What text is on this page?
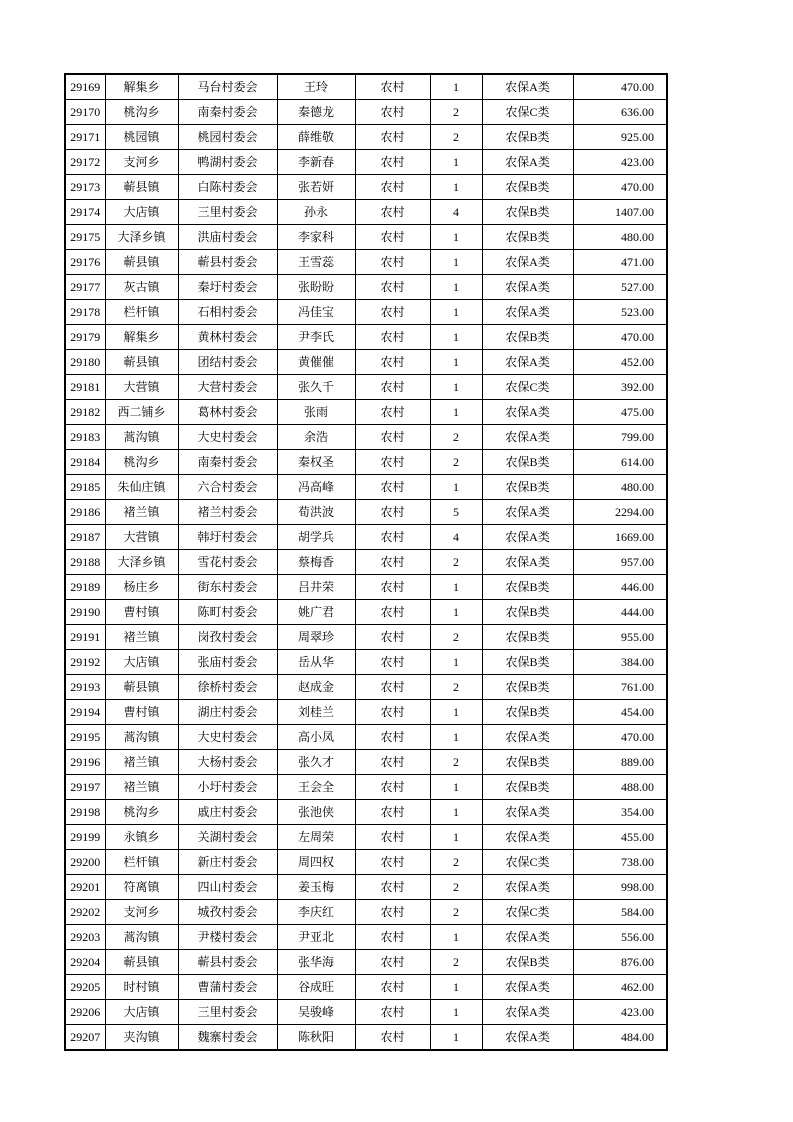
29169	解集乡	马台村委会	王玲	农村	1	农保A类	470.00
29170	桃沟乡	南秦村委会	秦德龙	农村	2	农保C类	636.00
29171	桃园镇	桃园村委会	薛维敬	农村	2	农保B类	925.00
29172	支河乡	鸭湖村委会	李新春	农村	1	农保A类	423.00
29173	蕲县镇	白陈村委会	张若妍	农村	1	农保B类	470.00
29174	大店镇	三里村委会	孙永	农村	4	农保B类	1407.00
29175	大泽乡镇	洪庙村委会	李家科	农村	1	农保B类	480.00
29176	蕲县镇	蕲县村委会	王雪蕊	农村	1	农保A类	471.00
29177	灰古镇	秦圩村委会	张盼盼	农村	1	农保A类	527.00
29178	栏杆镇	石相村委会	冯佳宝	农村	1	农保A类	523.00
29179	解集乡	黄林村委会	尹李氏	农村	1	农保B类	470.00
29180	蕲县镇	团结村委会	黄催催	农村	1	农保A类	452.00
29181	大营镇	大营村委会	张久千	农村	1	农保C类	392.00
29182	西二铺乡	葛林村委会	张雨	农村	1	农保A类	475.00
29183	蒿沟镇	大史村委会	余浩	农村	2	农保A类	799.00
29184	桃沟乡	南秦村委会	秦权圣	农村	2	农保B类	614.00
29185	朱仙庄镇	六合村委会	冯高峰	农村	1	农保B类	480.00
29186	褚兰镇	褚兰村委会	荀洪波	农村	5	农保A类	2294.00
29187	大营镇	韩圩村委会	胡学兵	农村	4	农保A类	1669.00
29188	大泽乡镇	雪花村委会	蔡梅香	农村	2	农保A类	957.00
29189	杨庄乡	街东村委会	吕井荣	农村	1	农保B类	446.00
29190	曹村镇	陈町村委会	姚广君	农村	1	农保B类	444.00
29191	褚兰镇	岗孜村委会	周翠珍	农村	2	农保B类	955.00
29192	大店镇	张庙村委会	岳从华	农村	1	农保B类	384.00
29193	蕲县镇	徐桥村委会	赵成金	农村	2	农保B类	761.00
29194	曹村镇	湖庄村委会	刘桂兰	农村	1	农保B类	454.00
29195	蒿沟镇	大史村委会	高小凤	农村	1	农保A类	470.00
29196	褚兰镇	大杨村委会	张久才	农村	2	农保B类	889.00
29197	褚兰镇	小圩村委会	王会全	农村	1	农保B类	488.00
29198	桃沟乡	戚庄村委会	张池侠	农村	1	农保A类	354.00
29199	永镇乡	关湖村委会	左周荣	农村	1	农保A类	455.00
29200	栏杆镇	新庄村委会	周四权	农村	2	农保C类	738.00
29201	符离镇	四山村委会	姜玉梅	农村	2	农保A类	998.00
29202	支河乡	城孜村委会	李庆红	农村	2	农保C类	584.00
29203	蒿沟镇	尹楼村委会	尹亚北	农村	1	农保A类	556.00
29204	蕲县镇	蕲县村委会	张华海	农村	2	农保B类	876.00
29205	时村镇	曹蒲村委会	谷成旺	农村	1	农保A类	462.00
29206	大店镇	三里村委会	吴骏峰	农村	1	农保A类	423.00
29207	夹沟镇	魏寨村委会	陈秋阳	农村	1	农保A类	484.00
